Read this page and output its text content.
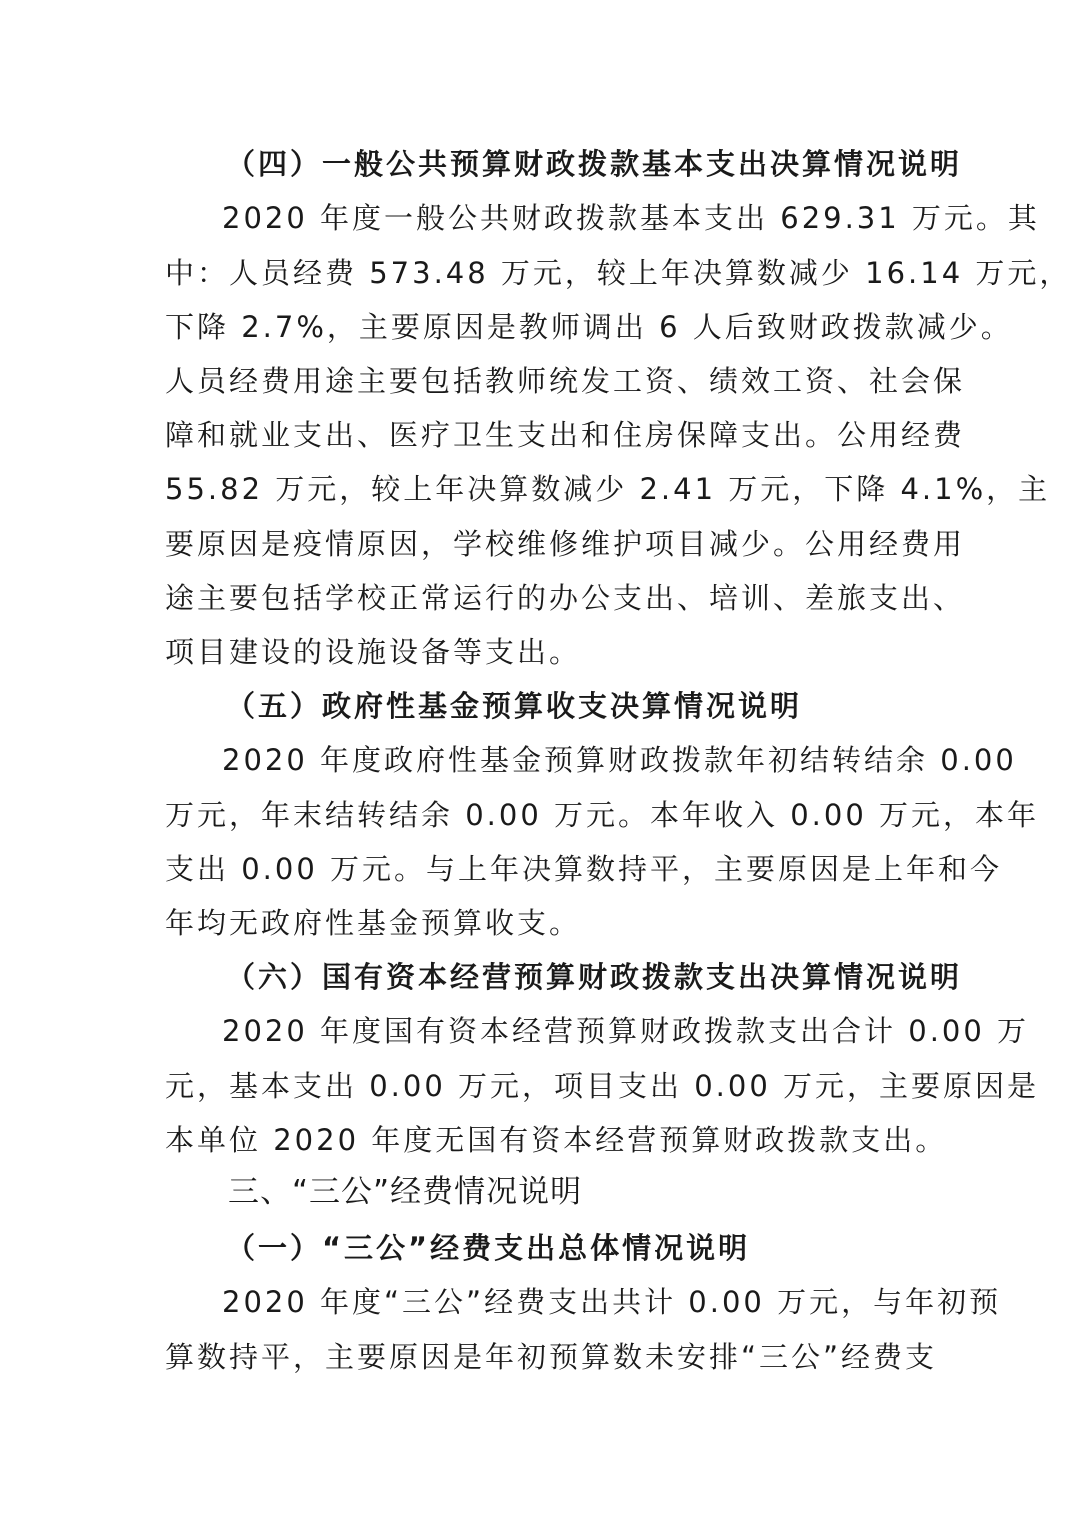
（四）一般公共预算财政拨款基本支出决算情况说明

2020 年度一般公共财政拨款基本支出 629.31 万元。其

中：人员经费 573.48 万元，较上年决算数减少 16.14 万元，

下降 2.7%，主要原因是教师调出 6 人后致财政拨款减少。

人员经费用途主要包括教师统发工资、绩效工资、社会保

障和就业支出、医疗卫生支出和住房保障支出。公用经费

55.82 万元，较上年决算数减少 2.41 万元，下降 4.1%，主

要原因是疫情原因，学校维修维护项目减少。公用经费用

途主要包括学校正常运行的办公支出、培训、差旅支出、

项目建设的设施设备等支出。

（五）政府性基金预算收支决算情况说明

2020 年度政府性基金预算财政拨款年初结转结余 0.00

万元，年末结转结余 0.00 万元。本年收入 0.00 万元，本年

支出 0.00 万元。与上年决算数持平，主要原因是上年和今

年均无政府性基金预算收支。

（六）国有资本经营预算财政拨款支出决算情况说明

2020 年度国有资本经营预算财政拨款支出合计 0.00 万

元，基本支出 0.00 万元，项目支出 0.00 万元，主要原因是

本单位 2020 年度无国有资本经营预算财政拨款支出。

三、“三公”经费情况说明

（一）“三公”经费支出总体情况说明

2020 年度“三公”经费支出共计 0.00 万元，与年初预

算数持平，主要原因是年初预算数未安排“三公”经费支
